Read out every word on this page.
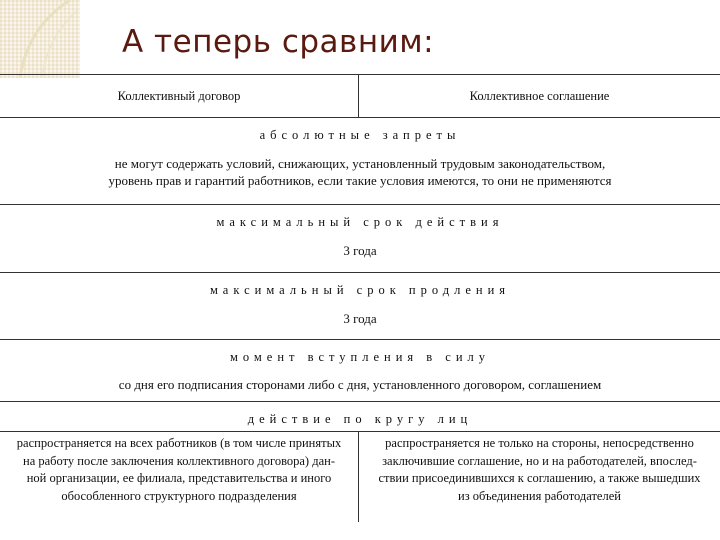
А теперь сравним:
Коллективный договор	Коллективное соглашение
абсолютные запреты
не могут содержать условий, снижающих, установленный трудовым законодательством,
уровень прав и гарантий работников, если такие условия имеются, то они не применяются
максимальный срок действия
3 года
максимальный срок продления
3 года
момент вступления в силу
со дня его подписания сторонами либо с дня, установленного договором, соглашением
действие по кругу лиц
распространяется на всех работников (в том числе принятых
на работу после заключения коллективного договора) дан-
ной организации, ее филиала, представительства и иного
обособленного структурного подразделения
распространяется не только на стороны, непосредственно
заключившие соглашение, но и на работодателей, впослед-
ствии присоединившихся к соглашению, а также вышедших
из объединения работодателей
